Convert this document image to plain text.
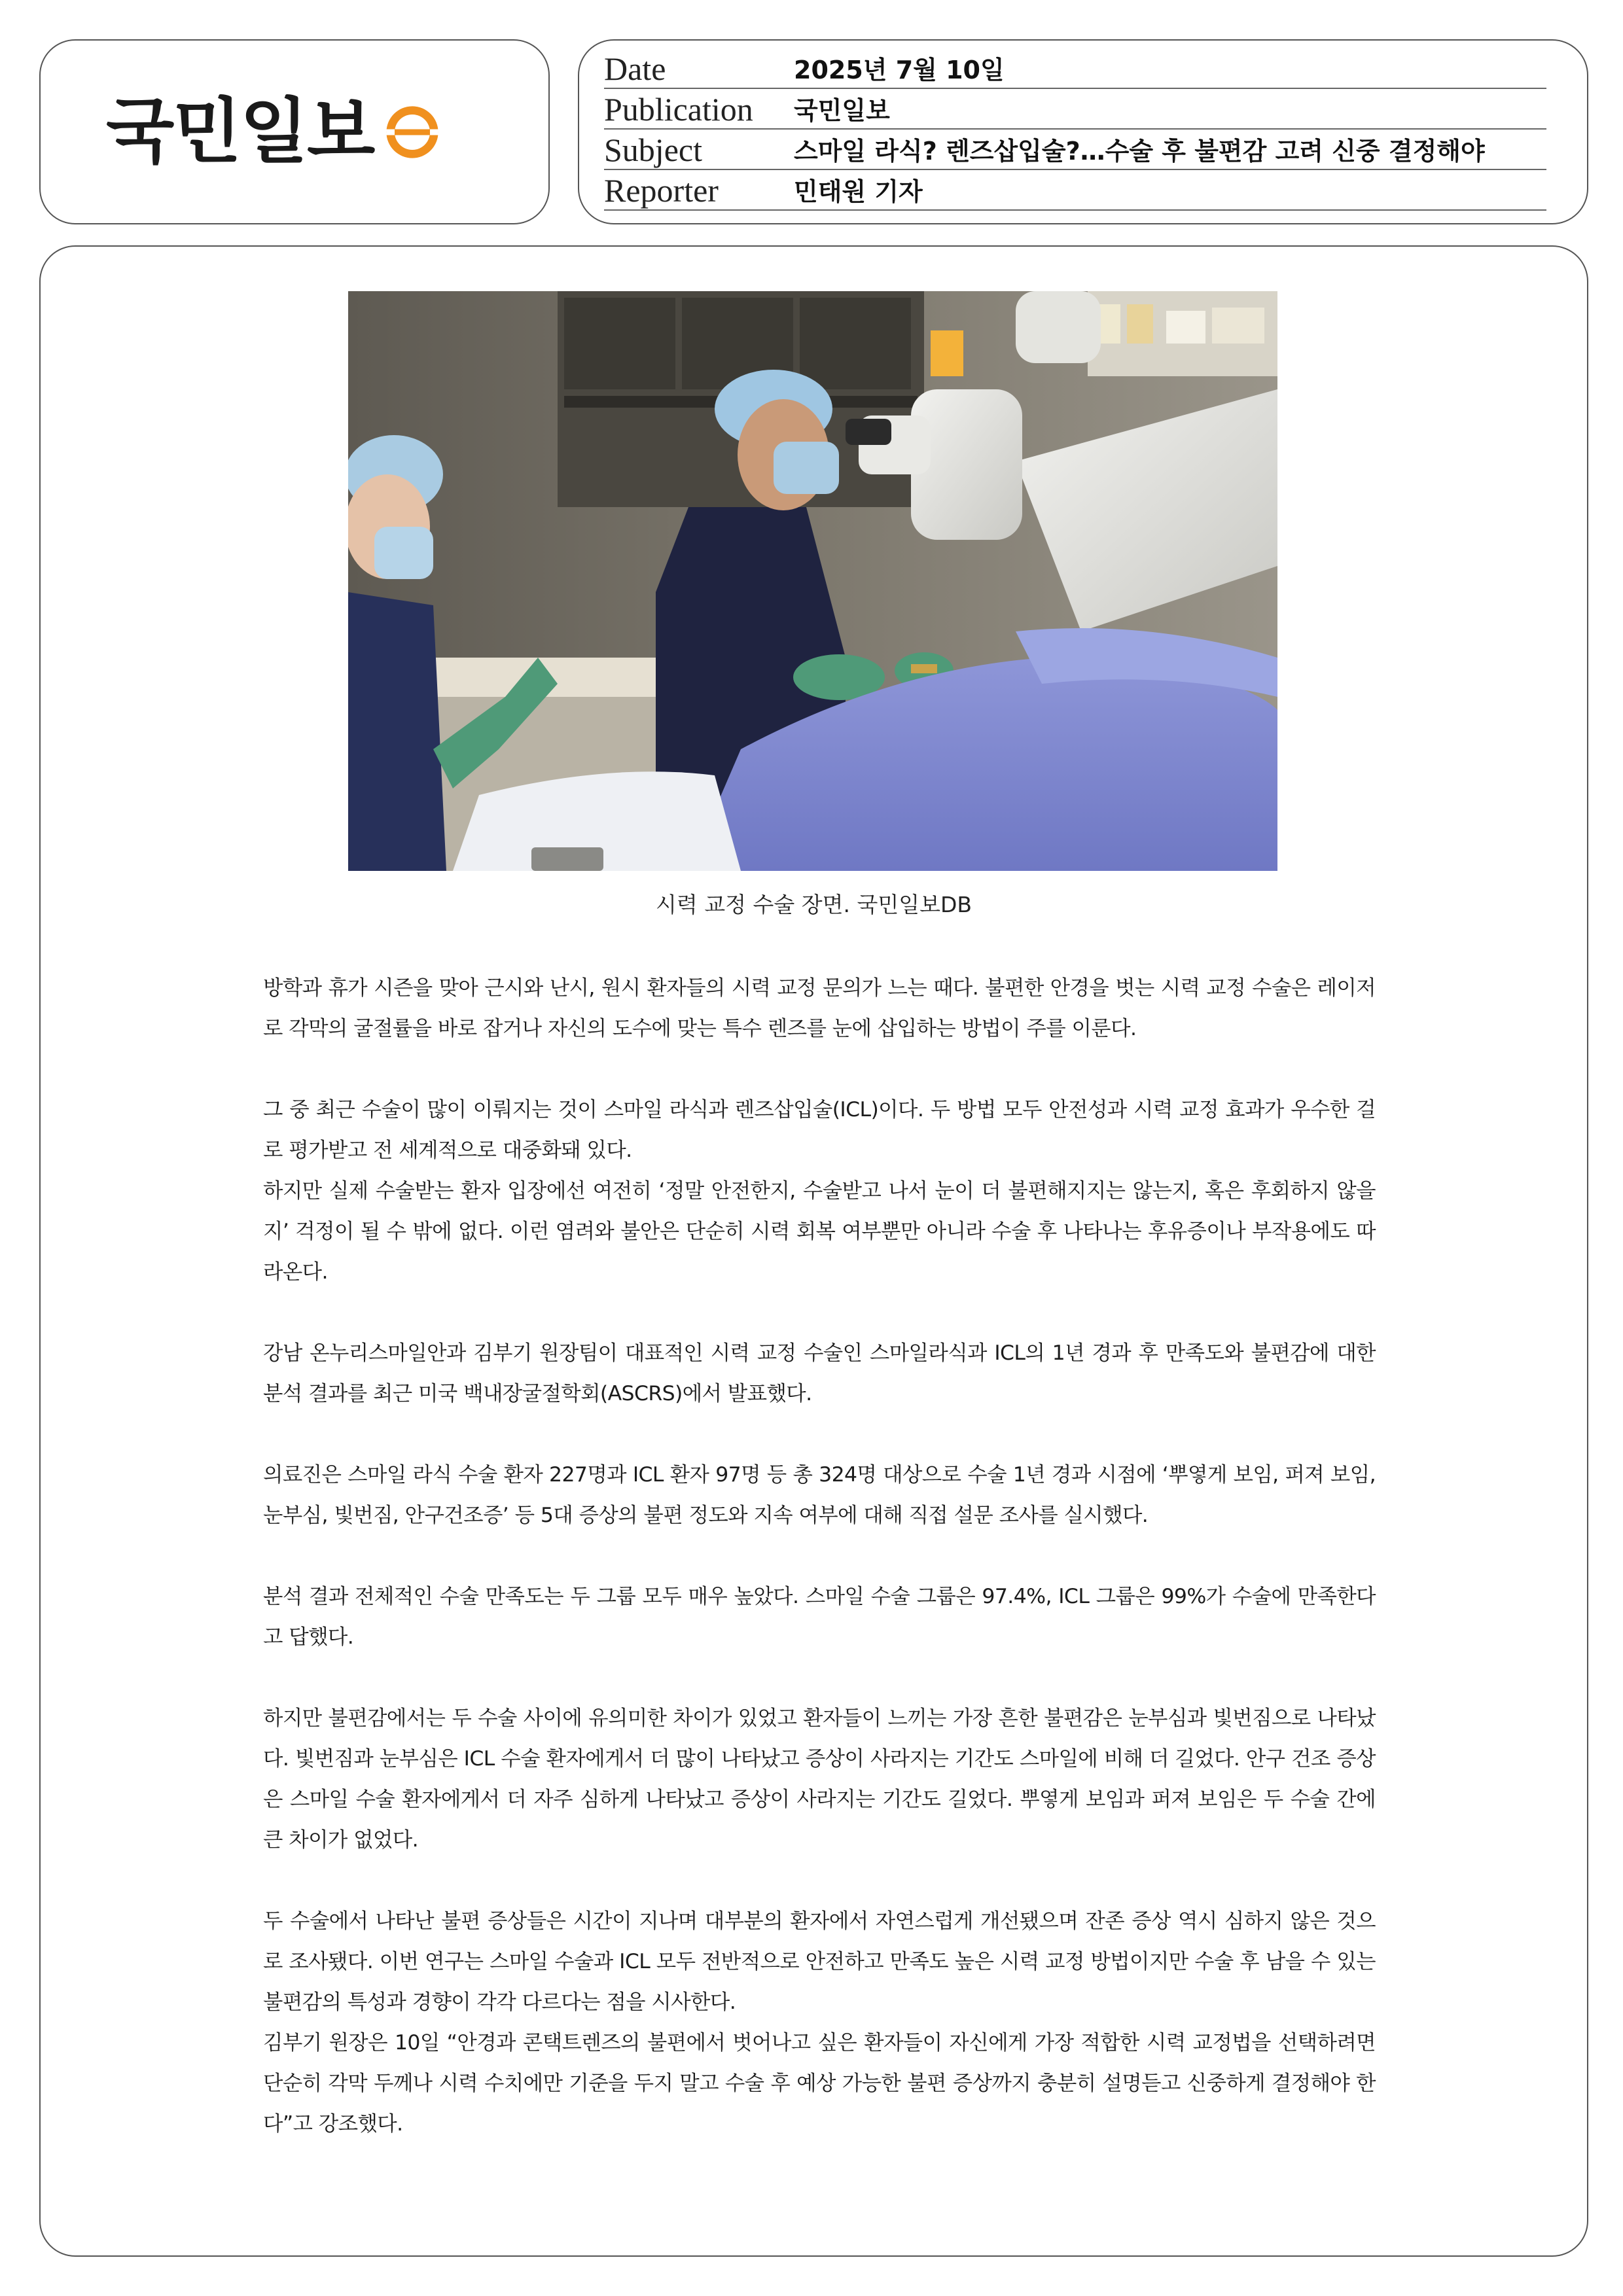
국민일보
Date	2025년 7월 10일
Publication 국민일보
Subject	스마일 라식? 렌즈삽입술?…수술 후 불편감 고려 신중 결정해야
Reporter	민태원 기자
시력 교정 수술 장면. 국민일보DB

방학과 휴가 시즌을 맞아 근시와 난시, 원시 환자들의 시력 교정 문의가 느는 때다. 불편한 안경을 벗는 시력 교정 수술은 레이저로 각막의 굴절률을 바로 잡거나 자신의 도수에 맞는 특수 렌즈를 눈에 삽입하는 방법이 주를 이룬다.

그 중 최근 수술이 많이 이뤄지는 것이 스마일 라식과 렌즈삽입술(ICL)이다. 두 방법 모두 안전성과 시력 교정 효과가 우수한 걸로 평가받고 전 세계적으로 대중화돼 있다.

하지만 실제 수술받는 환자 입장에선 여전히 ‘정말 안전한지, 수술받고 나서 눈이 더 불편해지지는 않는지, 혹은 후회하지 않을지’ 걱정이 될 수 밖에 없다. 이런 염려와 불안은 단순히 시력 회복 여부뿐만 아니라 수술 후 나타나는 후유증이나 부작용에도 따라온다.

강남 온누리스마일안과 김부기 원장팀이 대표적인 시력 교정 수술인 스마일라식과 ICL의 1년 경과 후 만족도와 불편감에 대한 분석 결과를 최근 미국 백내장굴절학회(ASCRS)에서 발표했다.

의료진은 스마일 라식 수술 환자 227명과 ICL 환자 97명 등 총 324명 대상으로 수술 1년 경과 시점에 ‘뿌옇게 보임, 퍼져 보임, 눈부심, 빛번짐, 안구건조증’ 등 5대 증상의 불편 정도와 지속 여부에 대해 직접 설문 조사를 실시했다.

분석 결과 전체적인 수술 만족도는 두 그룹 모두 매우 높았다. 스마일 수술 그룹은 97.4%, ICL 그룹은 99%가 수술에 만족한다고 답했다.

하지만 불편감에서는 두 수술 사이에 유의미한 차이가 있었고 환자들이 느끼는 가장 흔한 불편감은 눈부심과 빛번짐으로 나타났다. 빛번짐과 눈부심은 ICL 수술 환자에게서 더 많이 나타났고 증상이 사라지는 기간도 스마일에 비해 더 길었다. 안구 건조 증상은 스마일 수술 환자에게서 더 자주 심하게 나타났고 증상이 사라지는 기간도 길었다. 뿌옇게 보임과 퍼져 보임은 두 수술 간에 큰 차이가 없었다.

두 수술에서 나타난 불편 증상들은 시간이 지나며 대부분의 환자에서 자연스럽게 개선됐으며 잔존 증상 역시 심하지 않은 것으로 조사됐다. 이번 연구는 스마일 수술과 ICL 모두 전반적으로 안전하고 만족도 높은 시력 교정 방법이지만 수술 후 남을 수 있는 불편감의 특성과 경향이 각각 다르다는 점을 시사한다.

김부기 원장은 10일 “안경과 콘택트렌즈의 불편에서 벗어나고 싶은 환자들이 자신에게 가장 적합한 시력 교정법을 선택하려면 단순히 각막 두께나 시력 수치에만 기준을 두지 말고 수술 후 예상 가능한 불편 증상까지 충분히 설명듣고 신중하게 결정해야 한다”고 강조했다.
